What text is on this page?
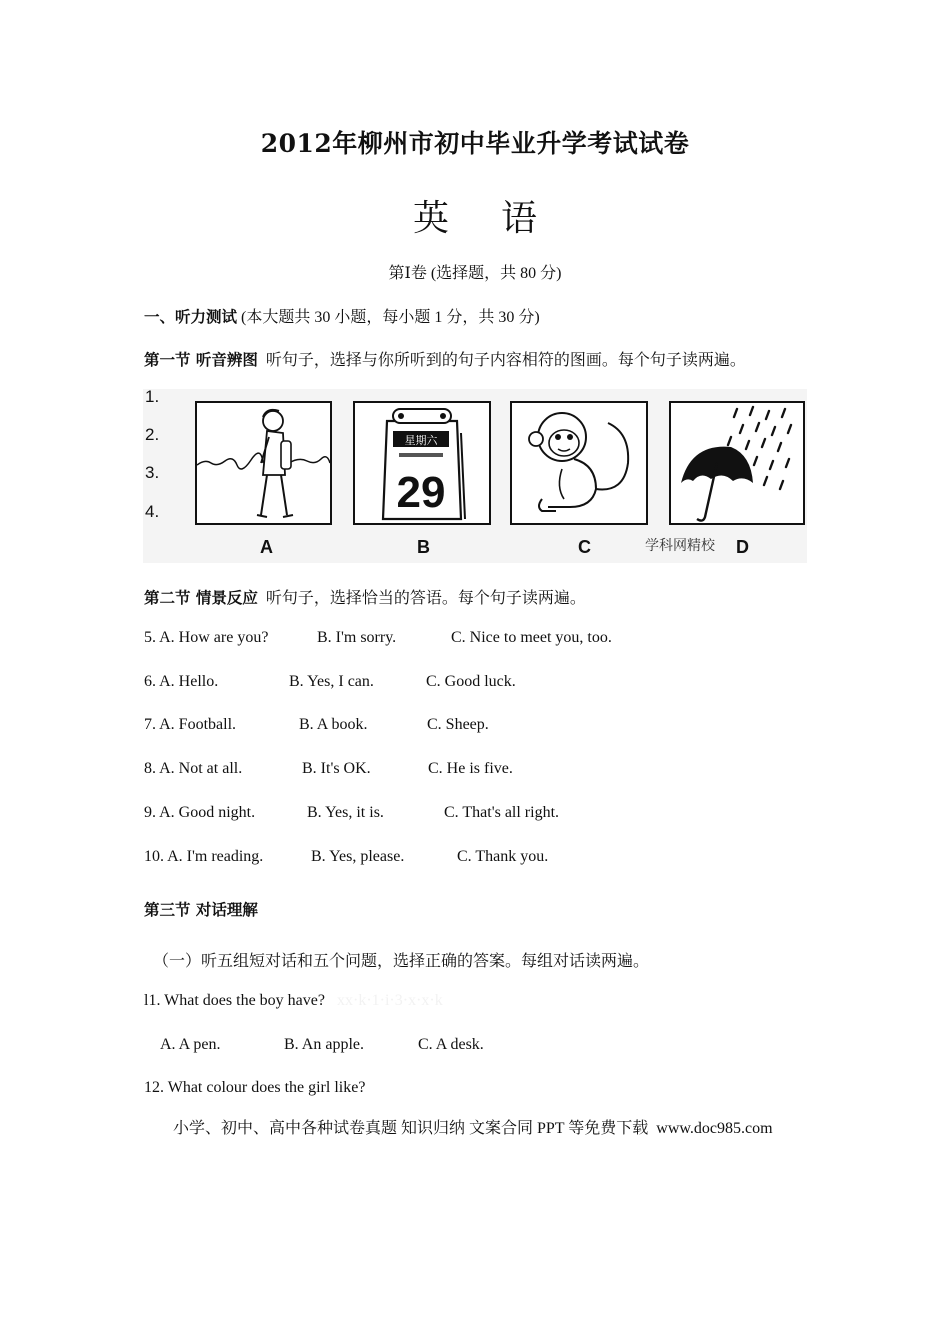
2012年柳州市初中毕业升学考试试卷
英 语
第Ⅰ卷 (选择题，共 80 分)
一、听力测试 (本大题共 30 小题，每小题 1 分，共 30 分)
第一节 听音辨图 听句子，选择与你所听到的句子内容相符的图画。每个句子读两遍。
1.
2.
3.
4.
星期六
29
A	B	C	学科网精校 D
第二节 情景反应 听句子，选择恰当的答语。每个句子读两遍。
5. A. How are you?	B. I'm sorry.	C. Nice to meet you, too.
6. A. Hello.	B. Yes, I can.	C. Good luck.
7. A. Football.	B. A book.	C. Sheep.
8. A. Not at all.	B. It's OK.	C. He is five.
9. A. Good night.	B. Yes, it is.	C. That's all right.
10. A. I'm reading.	B. Yes, please.	C. Thank you.
第三节 对话理解
（一）听五组短对话和五个问题，选择正确的答案。每组对话读两遍。
l1. What does the boy have? xx·k·1·i·3·x·x·k
A. A pen.	B. An apple.	C. A desk.
12. What colour does the girl like?
小学、初中、高中各种试卷真题 知识归纳 文案合同 PPT 等免费下载 www.doc985.com
